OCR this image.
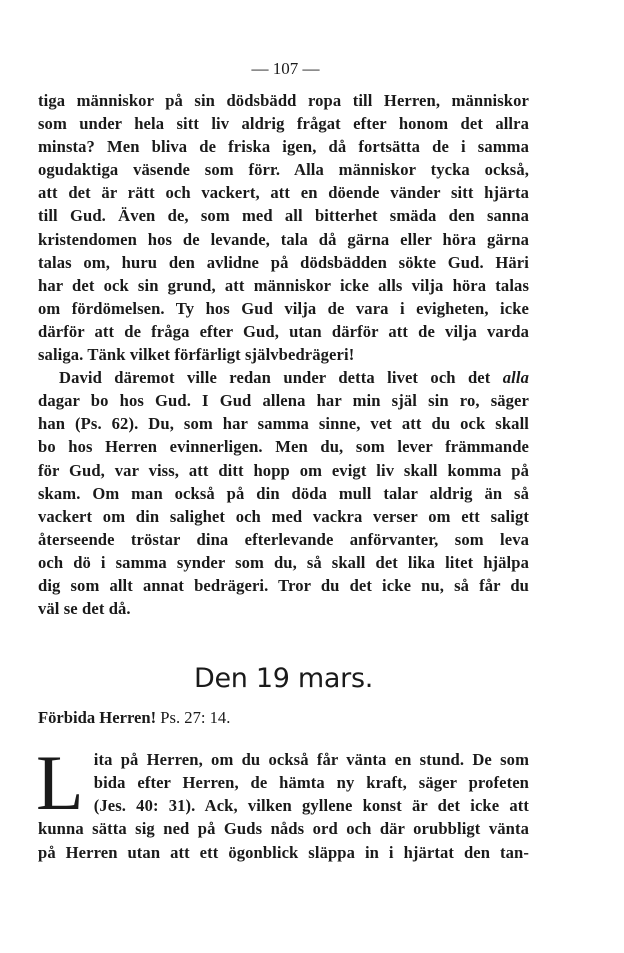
— 107 —

tiga människor på sin dödsbädd ropa till Herren, människor
som under hela sitt liv aldrig frågat efter honom det allra
minsta? Men bliva de friska igen, då fortsätta de i samma
ogudaktiga väsende som förr. Alla människor tycka också,
att det är rätt och vackert, att en döende vänder sitt hjärta
till Gud. Även de, som med all bitterhet smäda den sanna
kristendomen hos de levande, tala då gärna eller höra gärna
talas om, huru den avlidne på dödsbädden sökte Gud. Häri
har det ock sin grund, att människor icke alls vilja höra talas
om fördömelsen. Ty hos Gud vilja de vara i evigheten, icke
därför att de fråga efter Gud, utan därför att de vilja varda
saliga. Tänk vilket förfärligt självbedrägeri!

David däremot ville redan under detta livet och det alla
dagar bo hos Gud. I Gud allena har min själ sin ro, säger
han (Ps. 62). Du, som har samma sinne, vet att du ock skall
bo hos Herren evinnerligen. Men du, som lever främmande
för Gud, var viss, att ditt hopp om evigt liv skall komma på
skam. Om man också på din döda mull talar aldrig än så
vackert om din salighet och med vackra verser om ett saligt
återseende tröstar dina efterlevande anförvanter, som leva
och dö i samma synder som du, så skall det lika litet hjälpa
dig som allt annat bedrägeri. Tror du det icke nu, så får du
väl se det då.

Den 19 mars.
Förbida Herren! Ps. 27: 14.
L ita på Herren, om du också får vänta en stund. De som
bida efter Herren, de hämta ny kraft, säger profeten
(Jes. 40: 31). Ack, vilken gyllene konst är det icke att
kunna sätta sig ned på Guds nåds ord och där orubbligt vänta
på Herren utan att ett ögonblick släppa in i hjärtat den tan-
